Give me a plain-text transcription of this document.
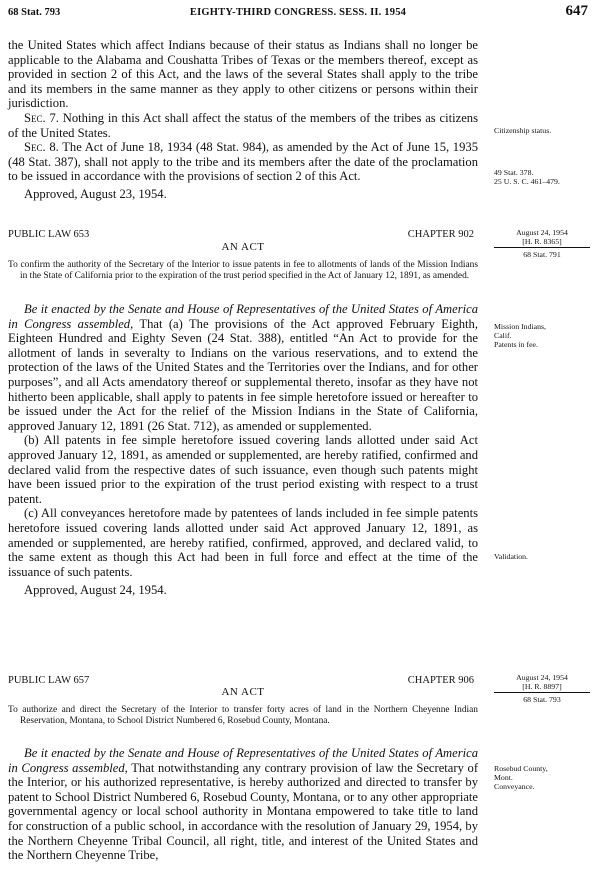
68 Stat. 793	EIGHTY-THIRD CONGRESS. SESS. II. 1954	647

the United States which affect Indians because of their status as Indians shall no longer be applicable to the Alabama and Coushatta Tribes of Texas or the members thereof, except as provided in section 2 of this Act, and the laws of the several States shall apply to the tribe and its members in the same manner as they apply to other citizens or persons within their jurisdiction.

Sec. 7. Nothing in this Act shall affect the status of the members of the tribes as citizens of the United States.

Sec. 8. The Act of June 18, 1934 (48 Stat. 984), as amended by the Act of June 15, 1935 (48 Stat. 387), shall not apply to the tribe and its members after the date of the proclamation to be issued in accordance with the provisions of section 2 of this Act.

Approved, August 23, 1954.

Citizenship status.
49 Stat. 378.
25 U. S. C. 461–479.
PUBLIC LAW 653	CHAPTER 902
AN ACT
August 24, 1954
[H. R. 8365]
68 Stat. 791

To confirm the authority of the Secretary of the Interior to issue patents in fee to allotments of lands of the Mission Indians in the State of California prior to the expiration of the trust period specified in the Act of January 12, 1891, as amended.

Be it enacted by the Senate and House of Representatives of the United States of America in Congress assembled, That (a) The provisions of the Act approved February Eighth, Eighteen Hundred and Eighty Seven (24 Stat. 388), entitled “An Act to provide for the allotment of lands in severalty to Indians on the various reservations, and to extend the protection of the laws of the United States and the Territories over the Indians, and for other purposes”, and all Acts amendatory thereof or supplemental thereto, insofar as they have not hitherto been applicable, shall apply to patents in fee simple heretofore issued or hereafter to be issued under the Act for the relief of the Mission Indians in the State of California, approved January 12, 1891 (26 Stat. 712), as amended or supplemented.

(b) All patents in fee simple heretofore issued covering lands allotted under said Act approved January 12, 1891, as amended or supplemented, are hereby ratified, confirmed and declared valid from the respective dates of such issuance, even though such patents might have been issued prior to the expiration of the trust period existing with respect to a trust patent.

(c) All conveyances heretofore made by patentees of lands included in fee simple patents heretofore issued covering lands allotted under said Act approved January 12, 1891, as amended or supplemented, are hereby ratified, confirmed, approved, and declared valid, to the same extent as though this Act had been in full force and effect at the time of the issuance of such patents.

Approved, August 24, 1954.

Mission Indians,
Calif.
Patents in fee.
Validation.
PUBLIC LAW 657	CHAPTER 906
AN ACT
August 24, 1954
[H. R. 8897]
68 Stat. 793

To authorize and direct the Secretary of the Interior to transfer forty acres of land in the Northern Cheyenne Indian Reservation, Montana, to School District Numbered 6, Rosebud County, Montana.

Be it enacted by the Senate and House of Representatives of the United States of America in Congress assembled, That notwithstanding any contrary provision of law the Secretary of the Interior, or his authorized representative, is hereby authorized and directed to transfer by patent to School District Numbered 6, Rosebud County, Montana, or to any other appropriate governmental agency or local school authority in Montana empowered to take title to land for construction of a public school, in accordance with the resolution of January 29, 1954, by the Northern Cheyenne Tribal Council, all right, title, and interest of the United States and the Northern Cheyenne Tribe,

Rosebud County,
Mont.
Conveyance.
